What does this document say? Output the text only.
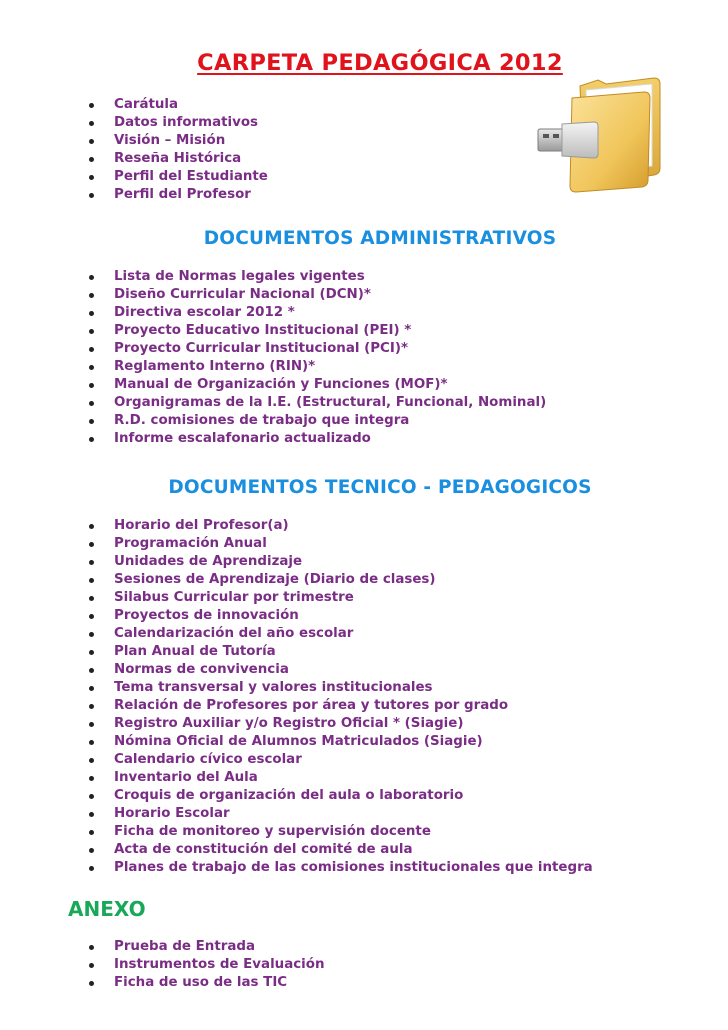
CARPETA PEDAGÓGICA 2012
Carátula
Datos informativos
Visión – Misión
Reseña Histórica
Perfil del Estudiante
Perfil del Profesor
DOCUMENTOS ADMINISTRATIVOS
Lista de Normas legales vigentes
Diseño Curricular Nacional (DCN)*
Directiva escolar 2012 *
Proyecto Educativo Institucional (PEI) *
Proyecto Curricular Institucional (PCI)*
Reglamento Interno (RIN)*
Manual de Organización y Funciones (MOF)*
Organigramas de la I.E. (Estructural, Funcional, Nominal)
R.D. comisiones de trabajo que integra
Informe escalafonario actualizado
DOCUMENTOS TECNICO - PEDAGOGICOS
Horario del Profesor(a)
Programación Anual
Unidades de Aprendizaje
Sesiones de Aprendizaje (Diario de clases)
Silabus Curricular por trimestre
Proyectos de innovación
Calendarización del año escolar
Plan Anual de Tutoría
Normas de convivencia
Tema transversal y valores institucionales
Relación de Profesores por área y tutores por grado
Registro Auxiliar y/o Registro Oficial * (Siagie)
Nómina Oficial de Alumnos Matriculados (Siagie)
Calendario cívico escolar
Inventario del Aula
Croquis de organización del aula o laboratorio
Horario Escolar
Ficha de monitoreo y supervisión docente
Acta de constitución del comité de aula
Planes de trabajo de las comisiones institucionales que integra
ANEXO
Prueba de Entrada
Instrumentos de Evaluación
Ficha de uso de las TIC
